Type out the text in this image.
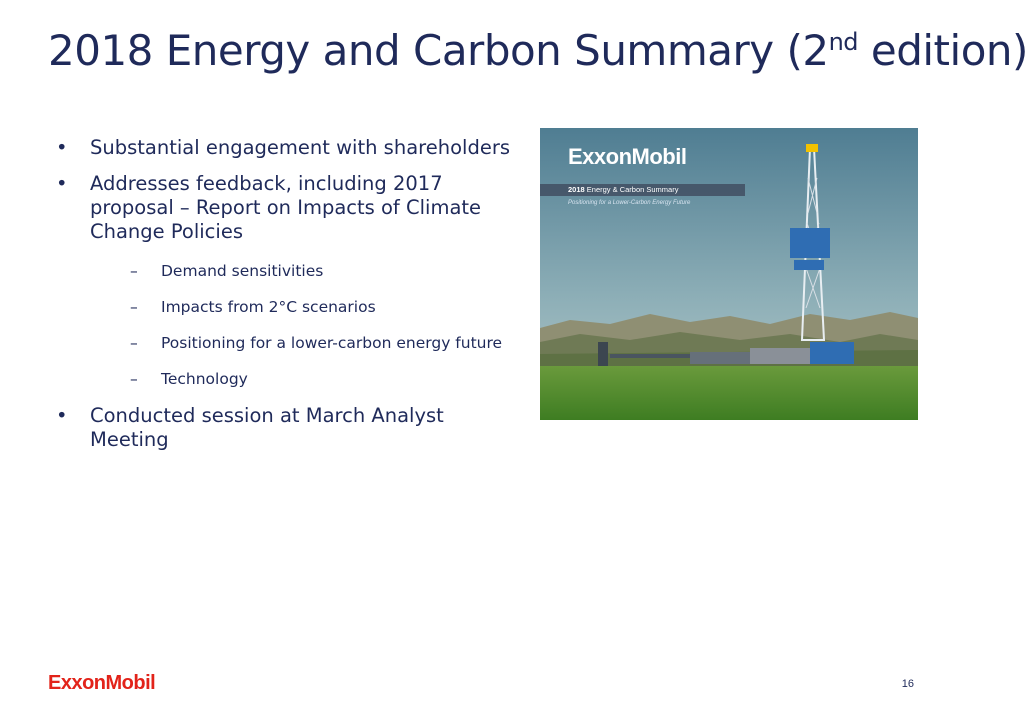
2018 Energy and Carbon Summary (2nd edition)
• Substantial engagement with shareholders
• Addresses feedback, including 2017 proposal – Report on Impacts of Climate Change Policies
– Demand sensitivities
– Impacts from 2°C scenarios
– Positioning for a lower-carbon energy future
– Technology
• Conducted session at March Analyst Meeting
ExxonMobil
2018 Energy & Carbon Summary
Positioning for a Lower-Carbon Energy Future
ExxonMobil	16
